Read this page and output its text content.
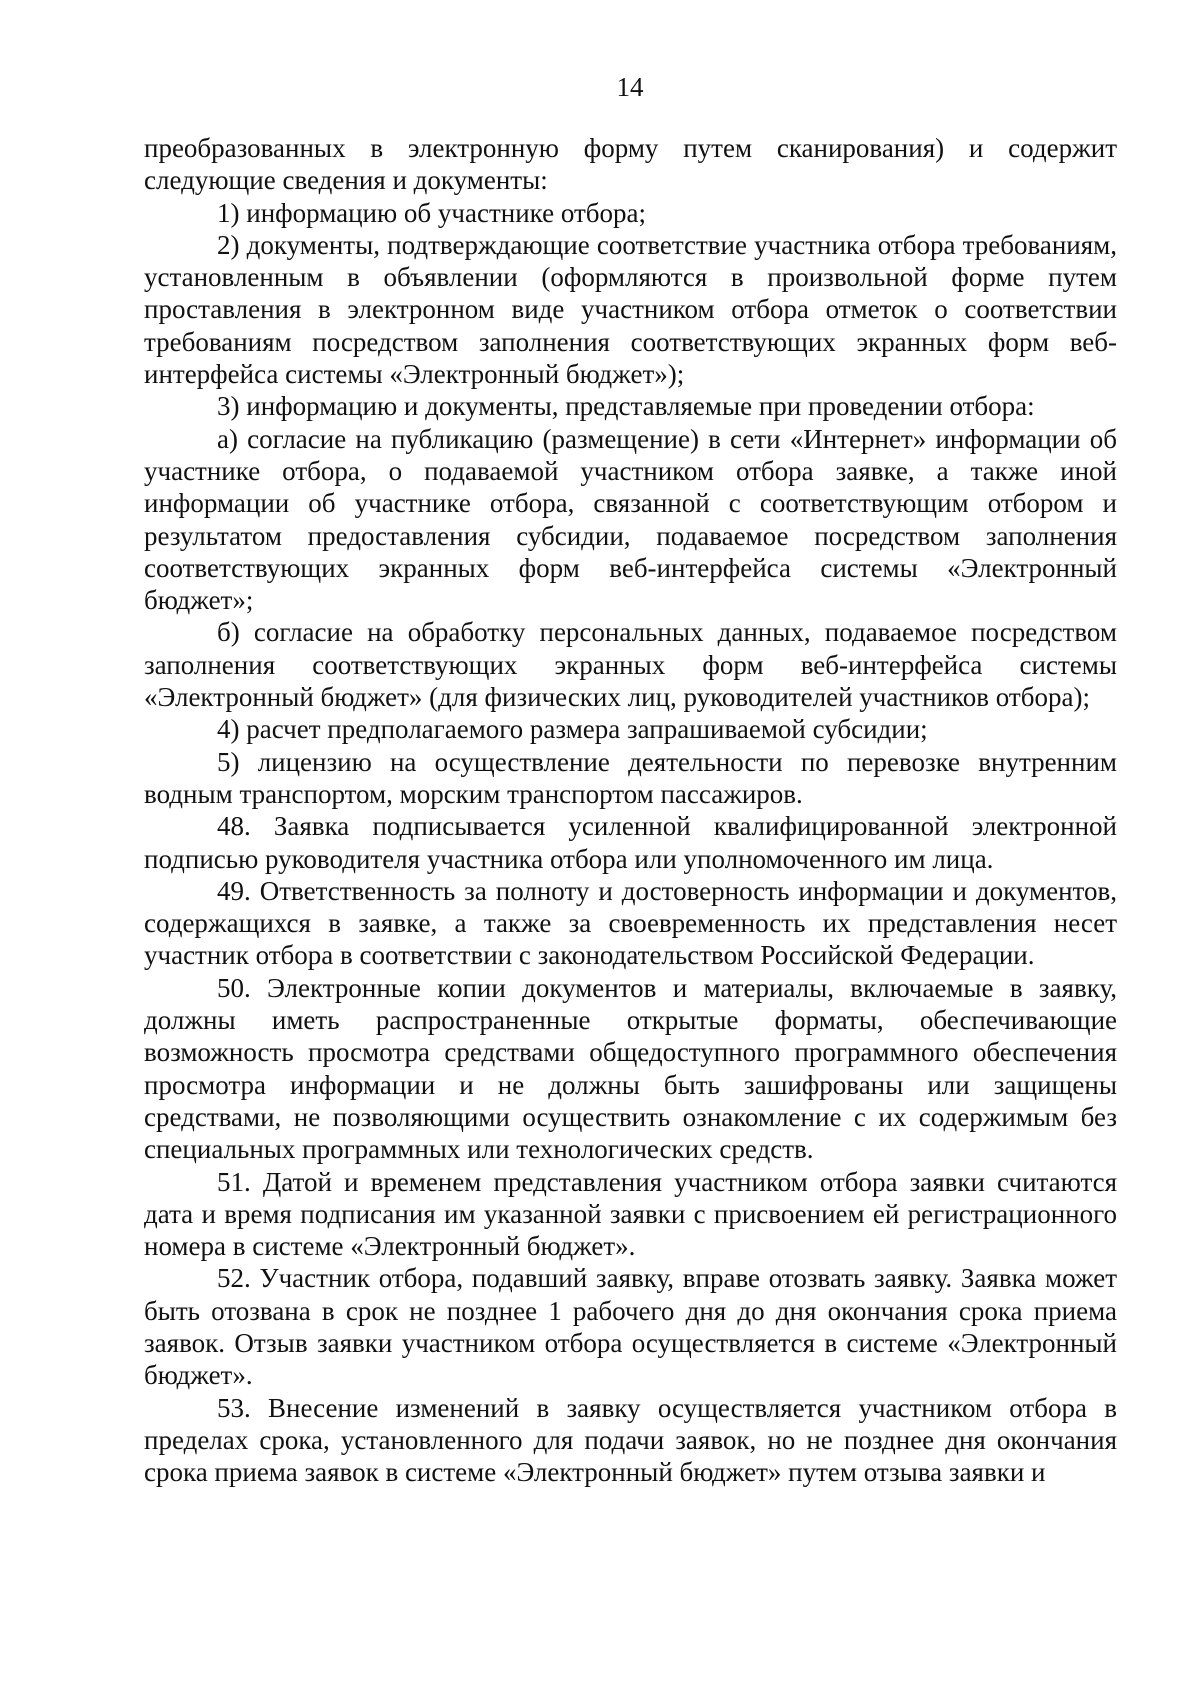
14

преобразованных в электронную форму путем сканирования) и содержит следующие сведения и документы:

1) информацию об участнике отбора;

2) документы, подтверждающие соответствие участника отбора требованиям, установленным в объявлении (оформляются в произвольной форме путем проставления в электронном виде участником отбора отметок о соответствии требованиям посредством заполнения соответствующих экранных форм веб-интерфейса системы «Электронный бюджет»);

3) информацию и документы, представляемые при проведении отбора:

а) согласие на публикацию (размещение) в сети «Интернет» информации об участнике отбора, о подаваемой участником отбора заявке, а также иной информации об участнике отбора, связанной с соответствующим отбором и результатом предоставления субсидии, подаваемое посредством заполнения соответствующих экранных форм веб-интерфейса системы «Электронный бюджет»;

б) согласие на обработку персональных данных, подаваемое посредством заполнения соответствующих экранных форм веб-интерфейса системы «Электронный бюджет» (для физических лиц, руководителей участников отбора);

4) расчет предполагаемого размера запрашиваемой субсидии;

5) лицензию на осуществление деятельности по перевозке внутренним водным транспортом, морским транспортом пассажиров.

48. Заявка подписывается усиленной квалифицированной электронной подписью руководителя участника отбора или уполномоченного им лица.

49. Ответственность за полноту и достоверность информации и документов, содержащихся в заявке, а также за своевременность их представления несет участник отбора в соответствии с законодательством Российской Федерации.

50. Электронные копии документов и материалы, включаемые в заявку, должны иметь распространенные открытые форматы, обеспечивающие возможность просмотра средствами общедоступного программного обеспечения просмотра информации и не должны быть зашифрованы или защищены средствами, не позволяющими осуществить ознакомление с их содержимым без специальных программных или технологических средств.

51. Датой и временем представления участником отбора заявки считаются дата и время подписания им указанной заявки с присвоением ей регистрационного номера в системе «Электронный бюджет».

52. Участник отбора, подавший заявку, вправе отозвать заявку. Заявка может быть отозвана в срок не позднее 1 рабочего дня до дня окончания срока приема заявок. Отзыв заявки участником отбора осуществляется в системе «Электронный бюджет».

53. Внесение изменений в заявку осуществляется участником отбора в пределах срока, установленного для подачи заявок, но не позднее дня окончания срока приема заявок в системе «Электронный бюджет» путем отзыва заявки и
